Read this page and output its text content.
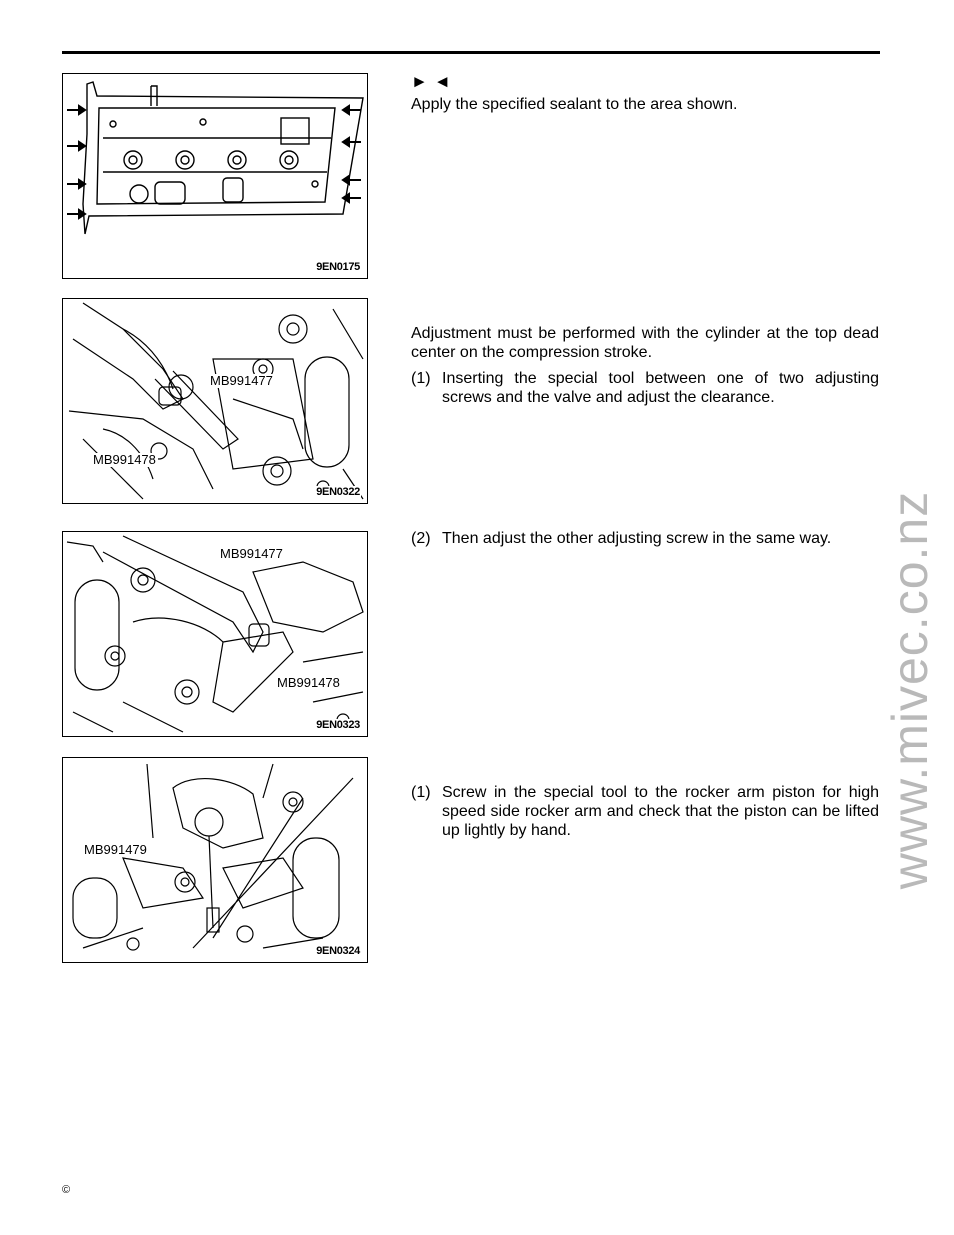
9EN0175
MB991477
MB991478
9EN0322
MB991477
MB991478
9EN0323
MB991479
9EN0324
►◄
Apply the specified sealant to the area shown.
Adjustment must be performed with the cylinder at the top dead center on the compression stroke.
(1) Inserting the special tool between one of two adjusting screws and the valve and adjust the clearance.
(2) Then adjust the other adjusting screw in the same way.
(1) Screw in the special tool to the rocker arm piston for high speed side rocker arm and check that the piston can be lifted up lightly by hand.	www.mivec.co.nz
©
